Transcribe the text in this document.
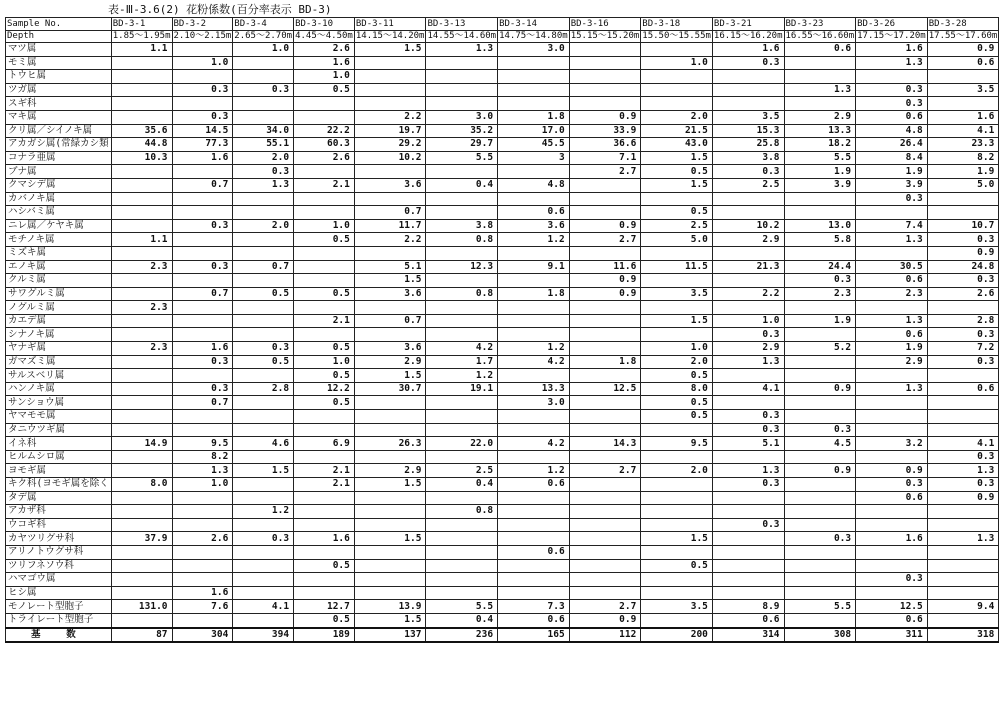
表-Ⅲ-3.6(2) 花粉係数(百分率表示 BD-3)
Sample No.	BD-3-1	BD-3-2	BD-3-4	BD-3-10	BD-3-11	BD-3-13	BD-3-14	BD-3-16	BD-3-18	BD-3-21	BD-3-23	BD-3-26	BD-3-28
Depth	1.85～1.95m	2.10～2.15m	2.65～2.70m	4.45～4.50m	14.15～14.20m	14.55～14.60m	14.75～14.80m	15.15～15.20m	15.50～15.55m	16.15～16.20m	16.55～16.60m	17.15～17.20m	17.55～17.60m
マツ属	1.1		1.0	2.6	1.5	1.3	3.0			1.6	0.6	1.6	0.9
モミ属		1.0		1.6					1.0	0.3		1.3	0.6
トウヒ属				1.0									
ツガ属		0.3	0.3	0.5							1.3	0.3	3.5
スギ科												0.3	
マキ属		0.3			2.2	3.0	1.8	0.9	2.0	3.5	2.9	0.6	1.6
クリ属／シイノキ属	35.6	14.5	34.0	22.2	19.7	35.2	17.0	33.9	21.5	15.3	13.3	4.8	4.1
アカガシ属(常緑カシ類	44.8	77.3	55.1	60.3	29.2	29.7	45.5	36.6	43.0	25.8	18.2	26.4	23.3
コナラ亜属	10.3	1.6	2.0	2.6	10.2	5.5	3	7.1	1.5	3.8	5.5	8.4	8.2
ブナ属			0.3					2.7	0.5	0.3	1.9	1.9	1.9
クマシデ属		0.7	1.3	2.1	3.6	0.4	4.8		1.5	2.5	3.9	3.9	5.0
カバノキ属												0.3	
ハシバミ属					0.7		0.6		0.5				
ニレ属／ケヤキ属		0.3	2.0	1.0	11.7	3.8	3.6	0.9	2.5	10.2	13.0	7.4	10.7
モチノキ属	1.1			0.5	2.2	0.8	1.2	2.7	5.0	2.9	5.8	1.3	0.3
ミズキ属													0.9
エノキ属	2.3	0.3	0.7		5.1	12.3	9.1	11.6	11.5	21.3	24.4	30.5	24.8
クルミ属					1.5			0.9			0.3	0.6	0.3
サワグルミ属		0.7	0.5	0.5	3.6	0.8	1.8	0.9	3.5	2.2	2.3	2.3	2.6
ノグルミ属	2.3												
カエデ属				2.1	0.7				1.5	1.0	1.9	1.3	2.8
シナノキ属										0.3		0.6	0.3
ヤナギ属	2.3	1.6	0.3	0.5	3.6	4.2	1.2		1.0	2.9	5.2	1.9	7.2
ガマズミ属		0.3	0.5	1.0	2.9	1.7	4.2	1.8	2.0	1.3		2.9	0.3
サルスベリ属				0.5	1.5	1.2			0.5				
ハンノキ属		0.3	2.8	12.2	30.7	19.1	13.3	12.5	8.0	4.1	0.9	1.3	0.6
サンショウ属		0.7		0.5			3.0		0.5				
ヤマモモ属									0.5	0.3			
タニウツギ属										0.3	0.3		
イネ科	14.9	9.5	4.6	6.9	26.3	22.0	4.2	14.3	9.5	5.1	4.5	3.2	4.1
ヒルムシロ属		8.2											0.3
ヨモギ属		1.3	1.5	2.1	2.9	2.5	1.2	2.7	2.0	1.3	0.9	0.9	1.3
キク科(ヨモギ属を除く	8.0	1.0		2.1	1.5	0.4	0.6			0.3		0.3	0.3
タデ属												0.6	0.9
アカザ科			1.2			0.8							
ウコギ科										0.3			
カヤツリグサ科	37.9	2.6	0.3	1.6	1.5				1.5		0.3	1.6	1.3
アリノトウグサ科							0.6						
ツリフネソウ科				0.5					0.5				
ハマゴウ属												0.3	
ヒシ属		1.6											
モノレート型胞子	131.0	7.6	4.1	12.7	13.9	5.5	7.3	2.7	3.5	8.9	5.5	12.5	9.4
トライレート型胞子				0.5	1.5	0.4	0.6	0.9		0.6		0.6	
基 数	87	304	394	189	137	236	165	112	200	314	308	311	318
